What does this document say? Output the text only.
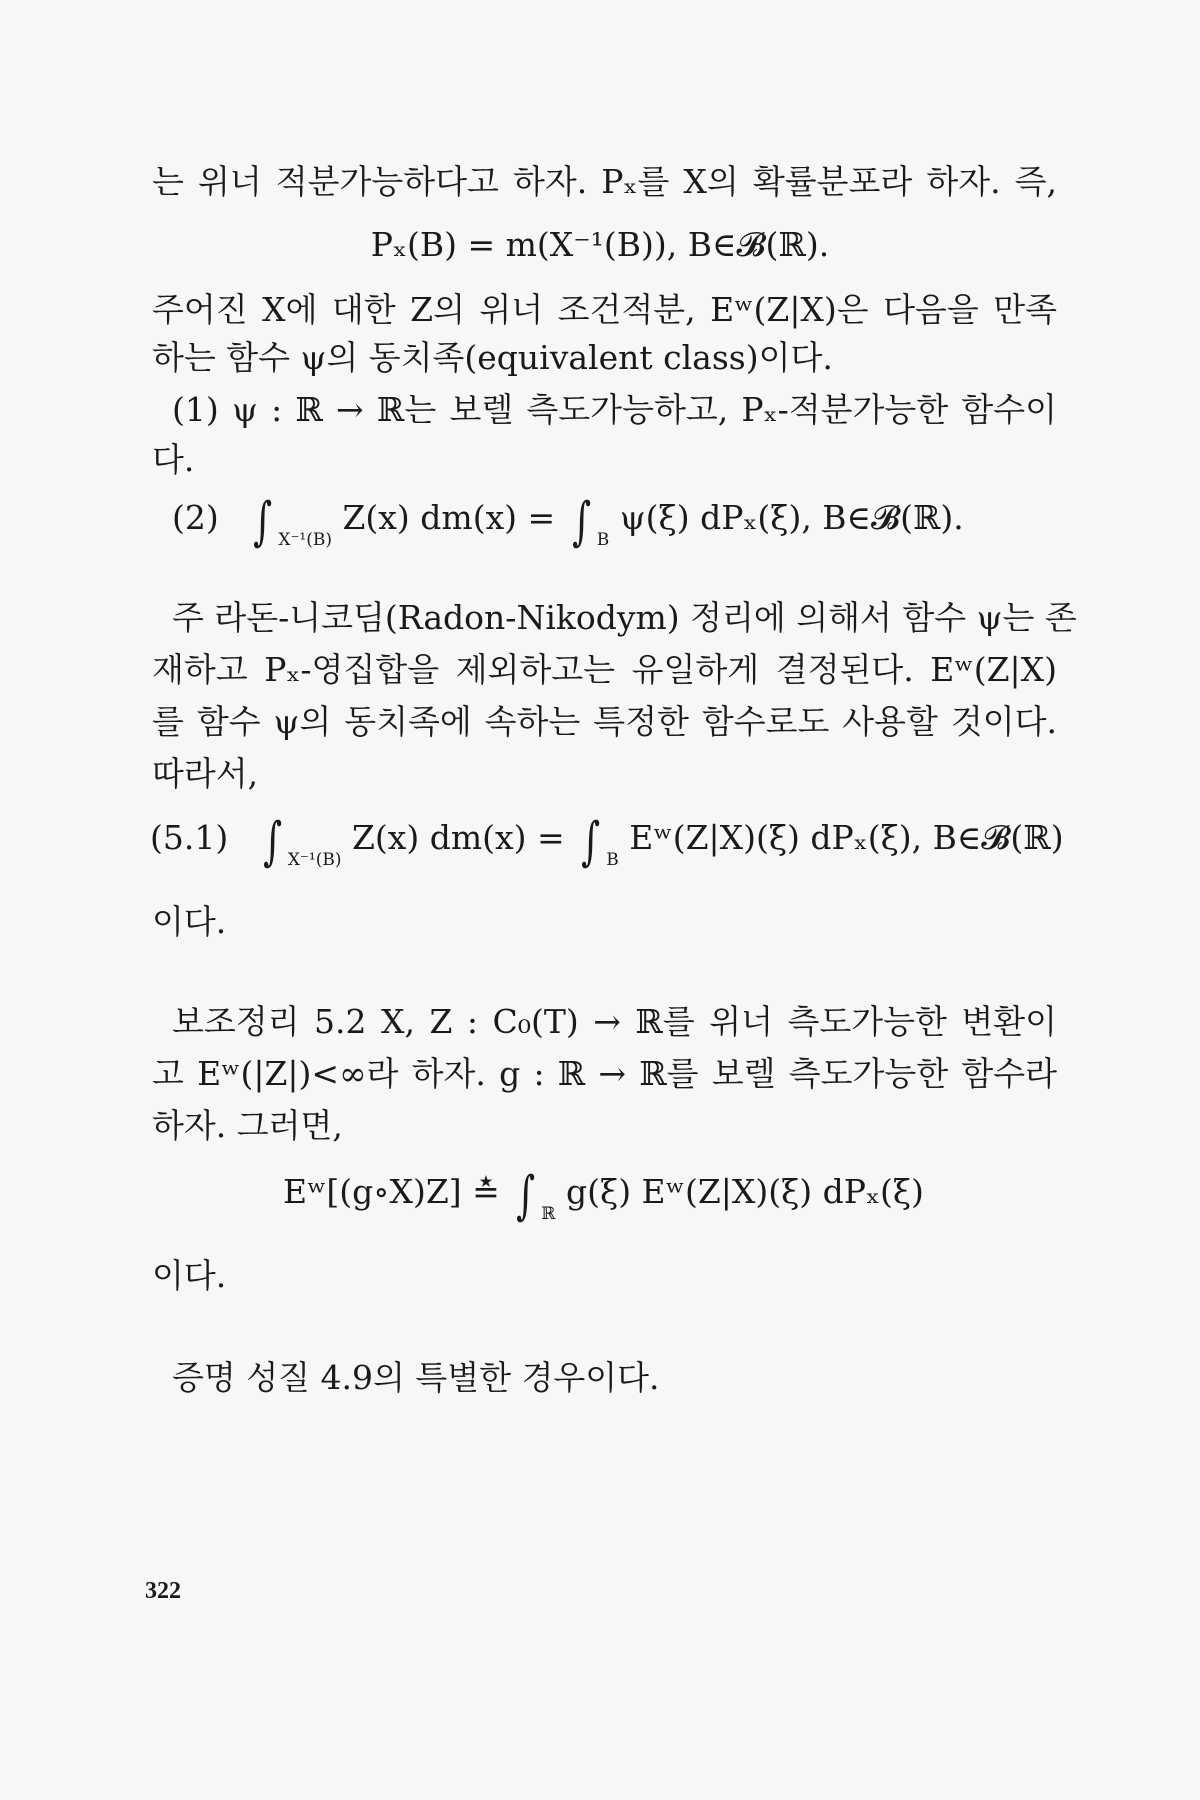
는 위너 적분가능하다고 하자. Pₓ를 X의 확률분포라 하자. 즉,
Pₓ(B) = m(X⁻¹(B)), B∈𝓑(ℝ).
주어진 X에 대한 Z의 위너 조건적분, Eʷ(Z|X)은 다음을 만족
하는 함수 ψ의 동치족(equivalent class)이다.
(1) ψ : ℝ → ℝ는 보렐 측도가능하고, Pₓ-적분가능한 함수이
다.
(2) ∫ $_{X^{-1}(B)}$ Z(x) dm(x) = ∫ $_B$ ψ(ξ) dPₓ(ξ), B∈𝓑(ℝ).
주 라돈-니코딤(Radon-Nikodym) 정리에 의해서 함수 ψ는 존
재하고 Pₓ-영집합을 제외하고는 유일하게 결정된다. Eʷ(Z|X)
를 함수 ψ의 동치족에 속하는 특정한 함수로도 사용할 것이다.
따라서,
(5.1) ∫ $_{X^{-1}(B)}$ Z(x) dm(x) = ∫ $_B$ Eʷ(Z|X)(ξ) dPₓ(ξ), B∈𝓑(ℝ)
이다.
보조정리 5.2 X, Z : C₀(T) → ℝ를 위너 측도가능한 변환이
고 Eʷ(|Z|)<∞라 하자. g : ℝ → ℝ를 보렐 측도가능한 함수라
하자. 그러면,
Eʷ[(g∘X)Z] ≛ ∫ $_ℝ$ g(ξ) Eʷ(Z|X)(ξ) dPₓ(ξ)
이다.
증명 성질 4.9의 특별한 경우이다.
322
